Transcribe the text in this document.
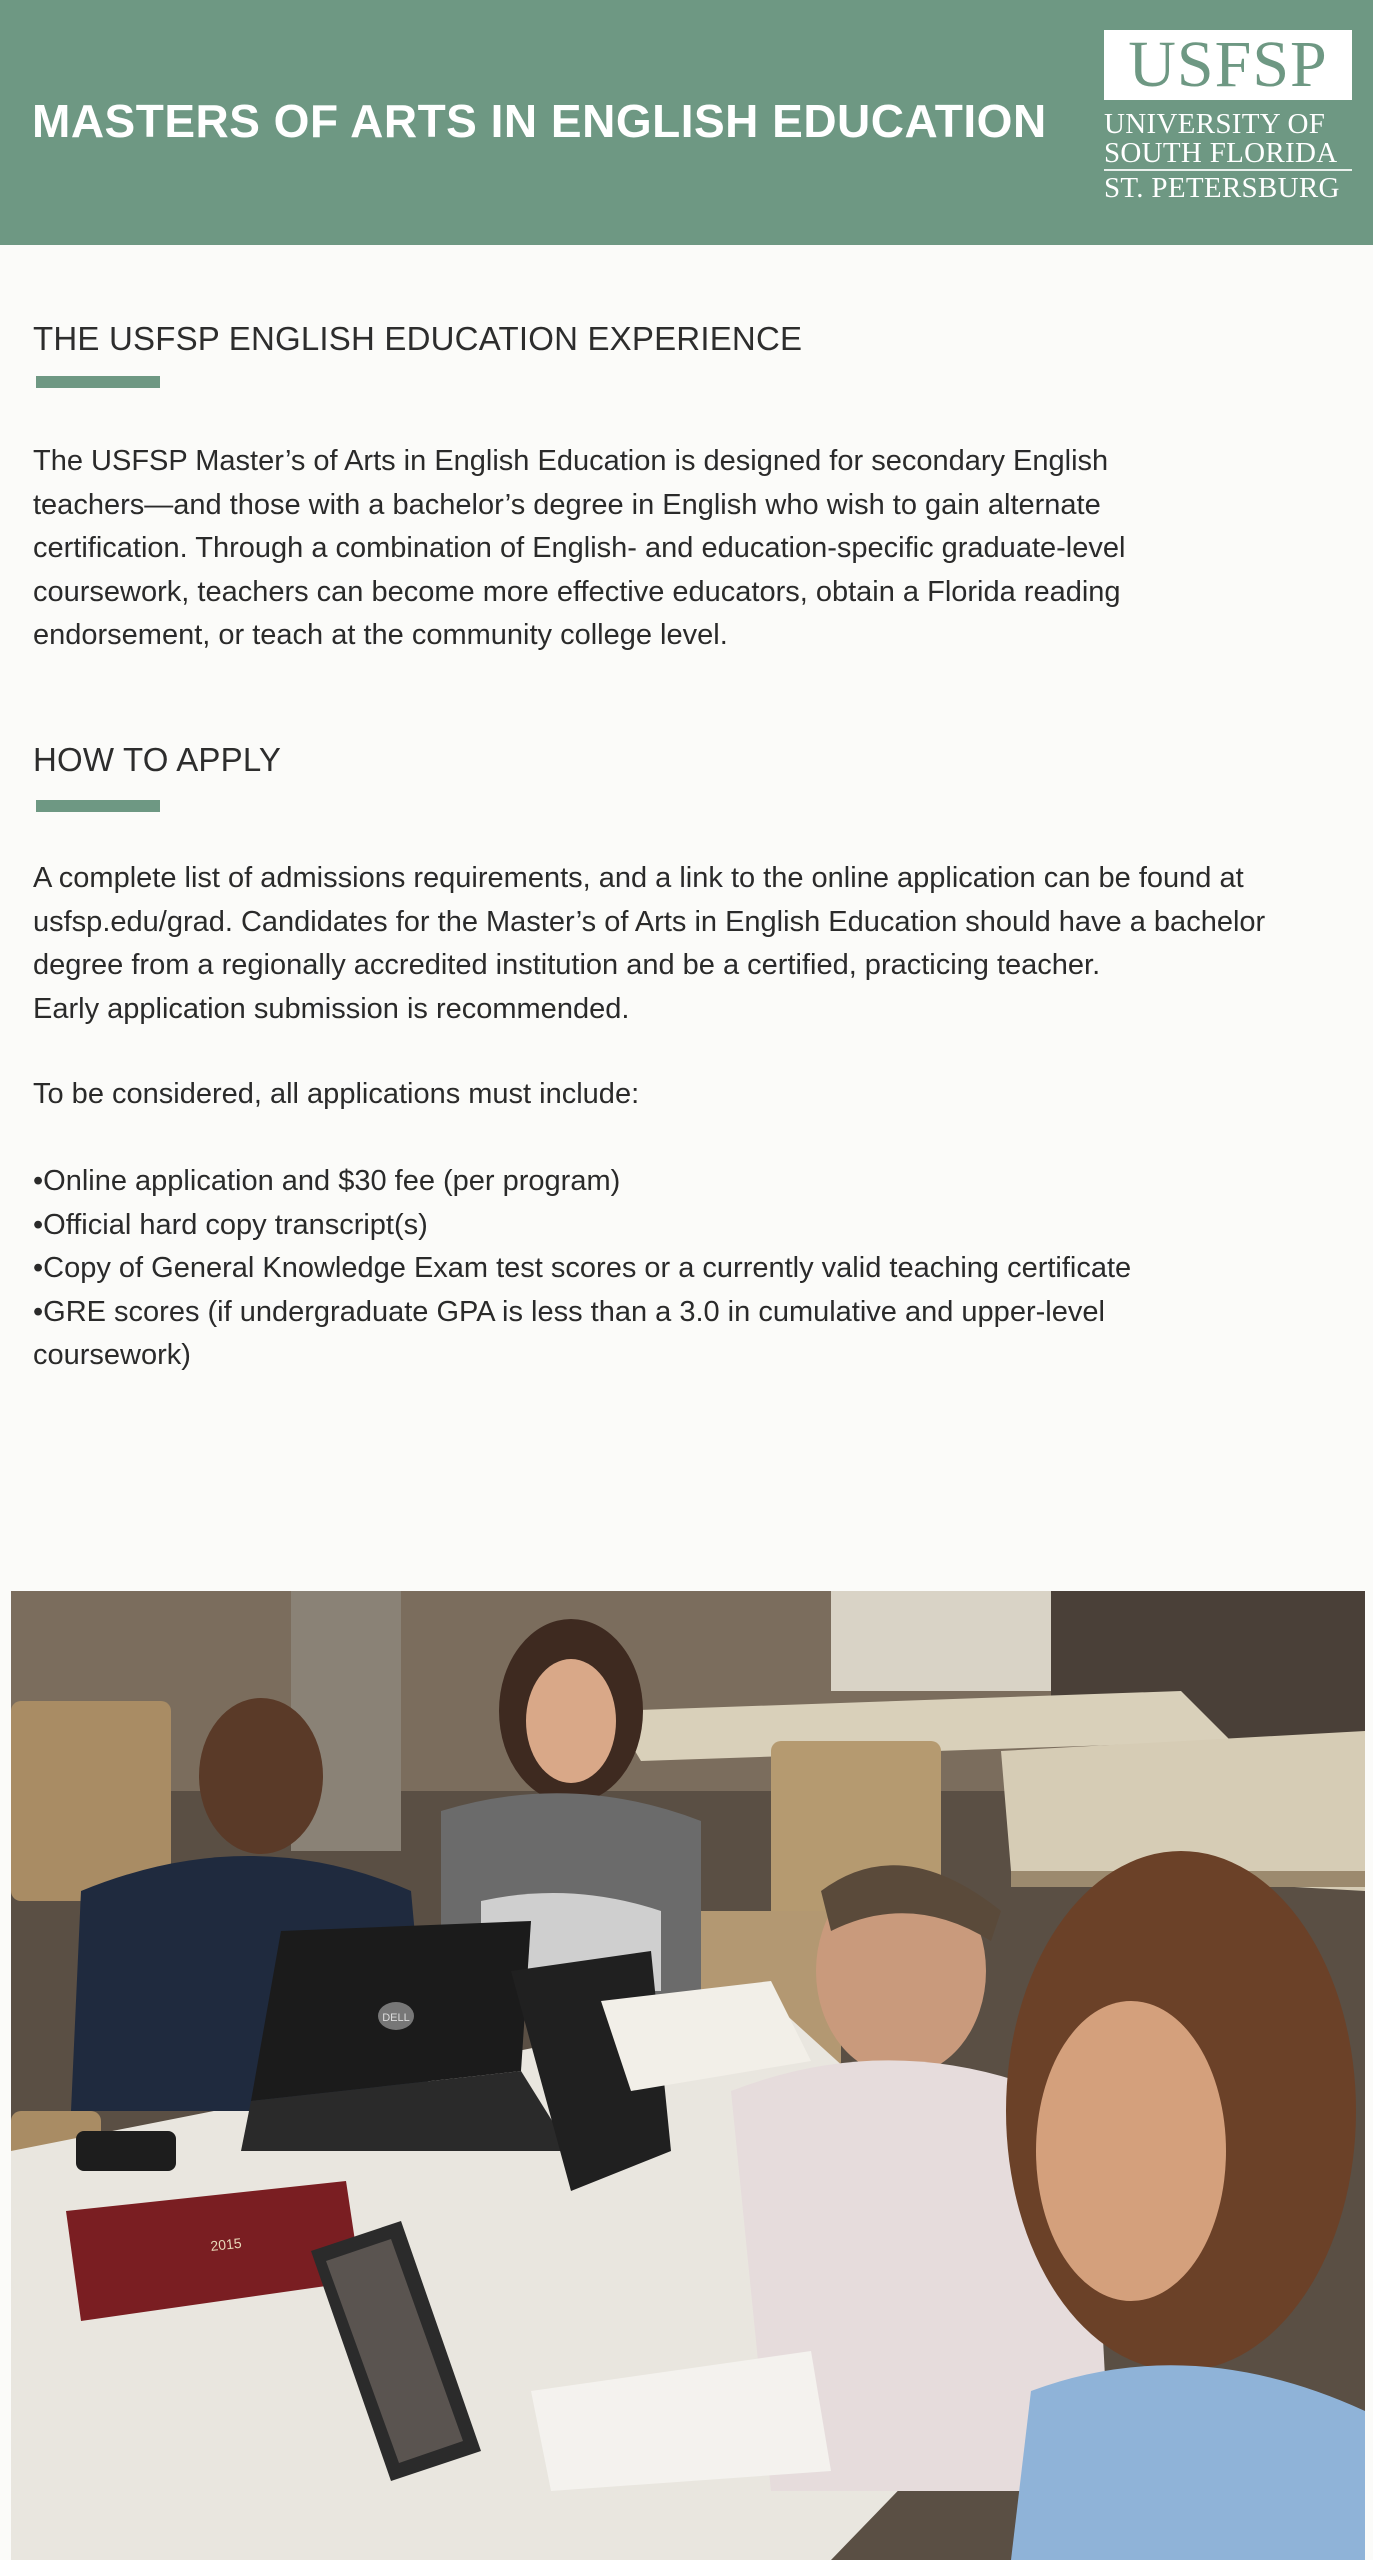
MASTERS OF ARTS IN ENGLISH EDUCATION
USFSP
UNIVERSITY OF
SOUTH FLORIDA
ST. PETERSBURG
THE USFSP ENGLISH EDUCATION EXPERIENCE

The USFSP Master’s of Arts in English Education is designed for secondary English

teachers—and those with a bachelor’s degree in English who wish to gain alternate

certification. Through a combination of English- and education-specific graduate-level

coursework, teachers can become more effective educators, obtain a Florida reading

endorsement, or teach at the community college level.

HOW TO APPLY

A complete list of admissions requirements, and a link to the online application can be found at

usfsp.edu/grad. Candidates for the Master’s of Arts in English Education should have a bachelor

degree from a regionally accredited institution and be a certified, practicing teacher.

Early application submission is recommended.

To be considered, all applications must include:
• Online application and $30 fee (per program)
• Official hard copy transcript(s)
• Copy of General Knowledge Exam test scores or a currently valid teaching certificate
• GRE scores (if undergraduate GPA is less than a 3.0 in cumulative and upper-level coursework)
DELL
2015
